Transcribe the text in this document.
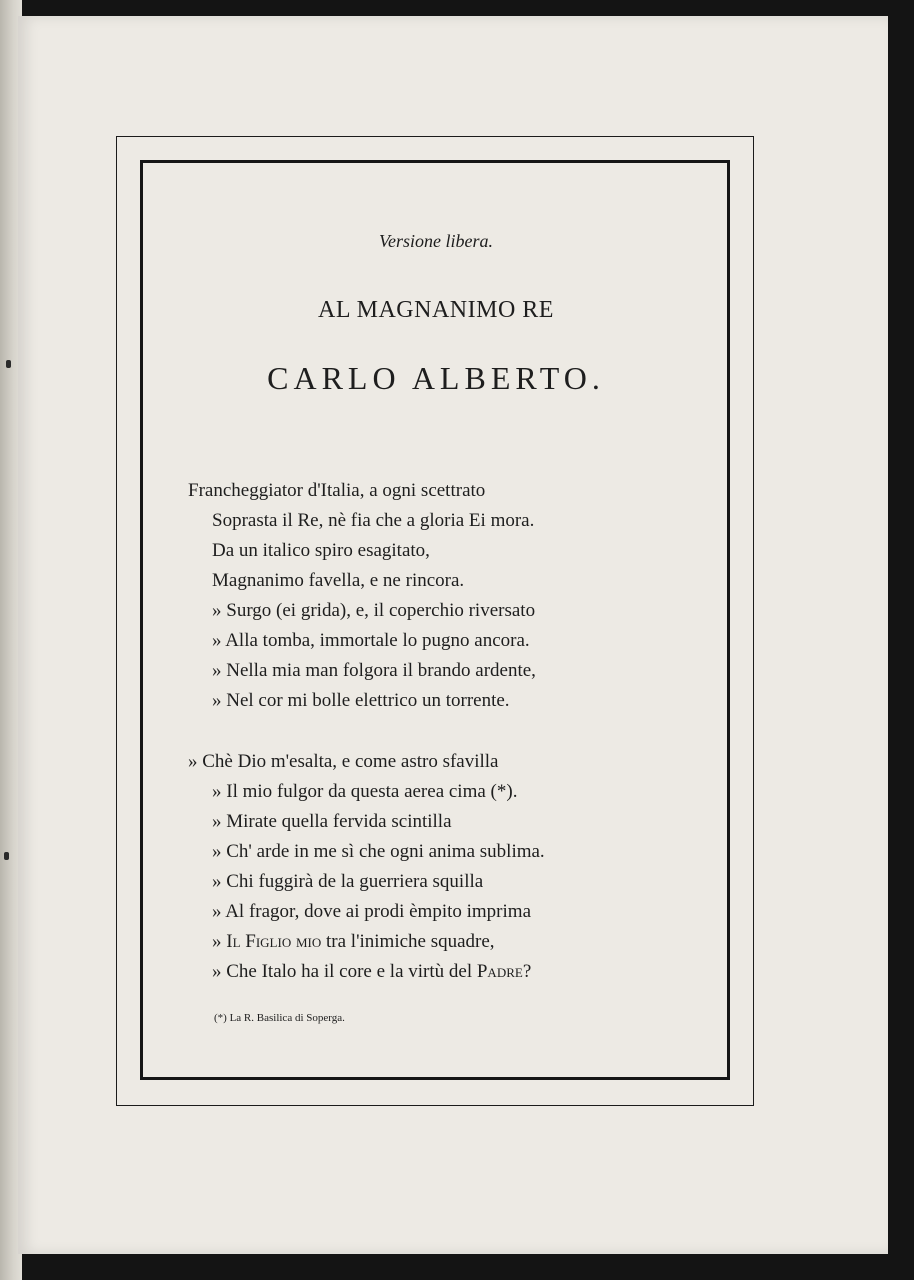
Versione libera.
AL MAGNANIMO RE
CARLO ALBERTO.
Francheggiator d'Italia, a ogni scettrato
Soprasta il Re, nè fia che a gloria Ei mora.
Da un italico spiro esagitato,
Magnanimo favella, e ne rincora.
» Surgo (ei grida), e, il coperchio riversato
» Alla tomba, immortale lo pugno ancora.
» Nella mia man folgora il brando ardente,
» Nel cor mi bolle elettrico un torrente.
» Chè Dio m'esalta, e come astro sfavilla
» Il mio fulgor da questa aerea cima (*).
» Mirate quella fervida scintilla
» Ch' arde in me sì che ogni anima sublima.
» Chi fuggirà de la guerriera squilla
» Al fragor, dove ai prodi èmpito imprima
» Il Figlio mio tra l'inimiche squadre,
» Che Italo ha il core e la virtù del Padre?
(*) La R. Basilica di Soperga.
